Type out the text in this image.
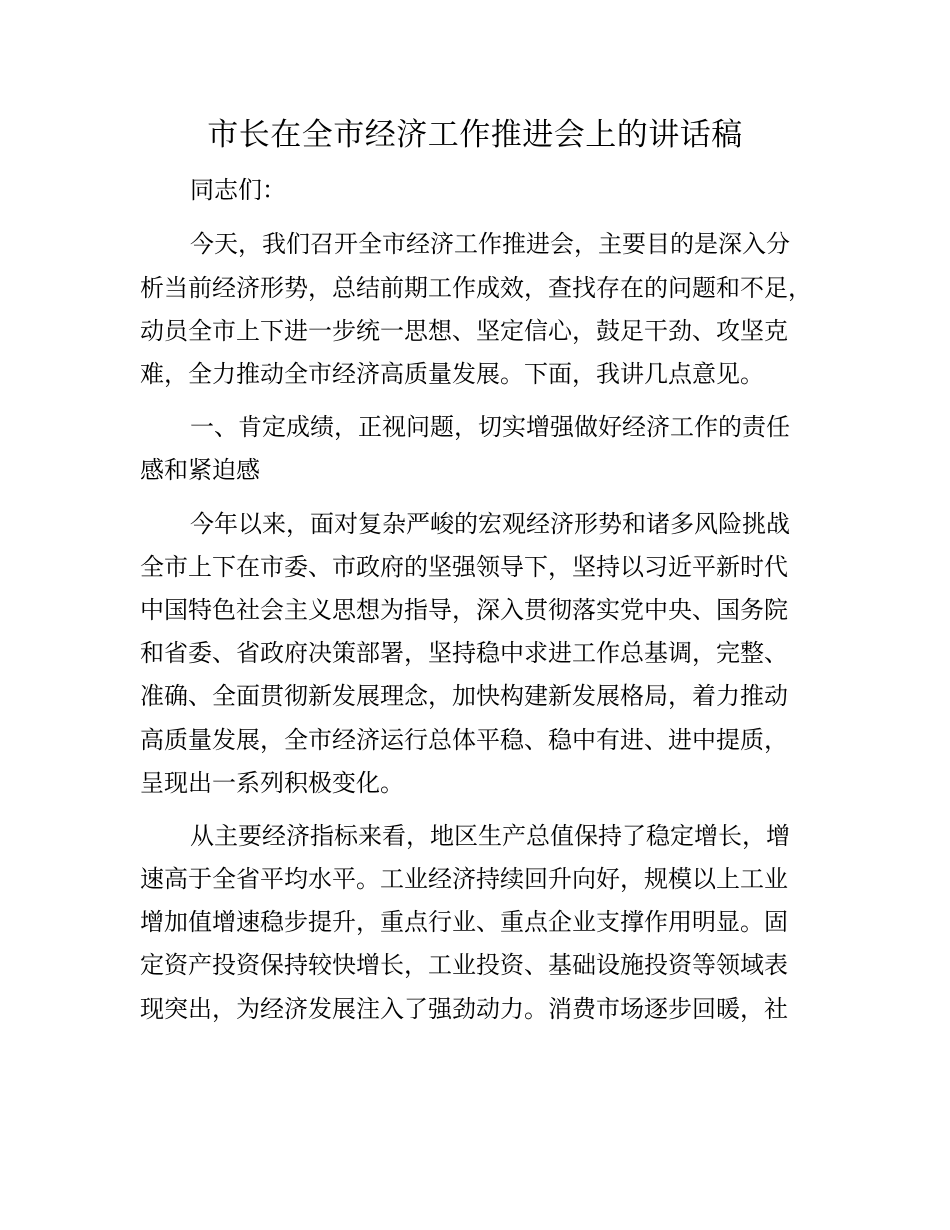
市长在全市经济工作推进会上的讲话稿
同志们：
今天，我们召开全市经济工作推进会，主要目的是深入分
析当前经济形势，总结前期工作成效，查找存在的问题和不足，
动员全市上下进一步统一思想、坚定信心，鼓足干劲、攻坚克
难，全力推动全市经济高质量发展。下面，我讲几点意见。
一、肯定成绩，正视问题，切实增强做好经济工作的责任
感和紧迫感
今年以来，面对复杂严峻的宏观经济形势和诸多风险挑战
全市上下在市委、市政府的坚强领导下，坚持以习近平新时代
中国特色社会主义思想为指导，深入贯彻落实党中央、国务院
和省委、省政府决策部署，坚持稳中求进工作总基调，完整、
准确、全面贯彻新发展理念，加快构建新发展格局，着力推动
高质量发展，全市经济运行总体平稳、稳中有进、进中提质，
呈现出一系列积极变化。
从主要经济指标来看，地区生产总值保持了稳定增长，增
速高于全省平均水平。工业经济持续回升向好，规模以上工业
增加值增速稳步提升，重点行业、重点企业支撑作用明显。固
定资产投资保持较快增长，工业投资、基础设施投资等领域表
现突出，为经济发展注入了强劲动力。消费市场逐步回暖，社
